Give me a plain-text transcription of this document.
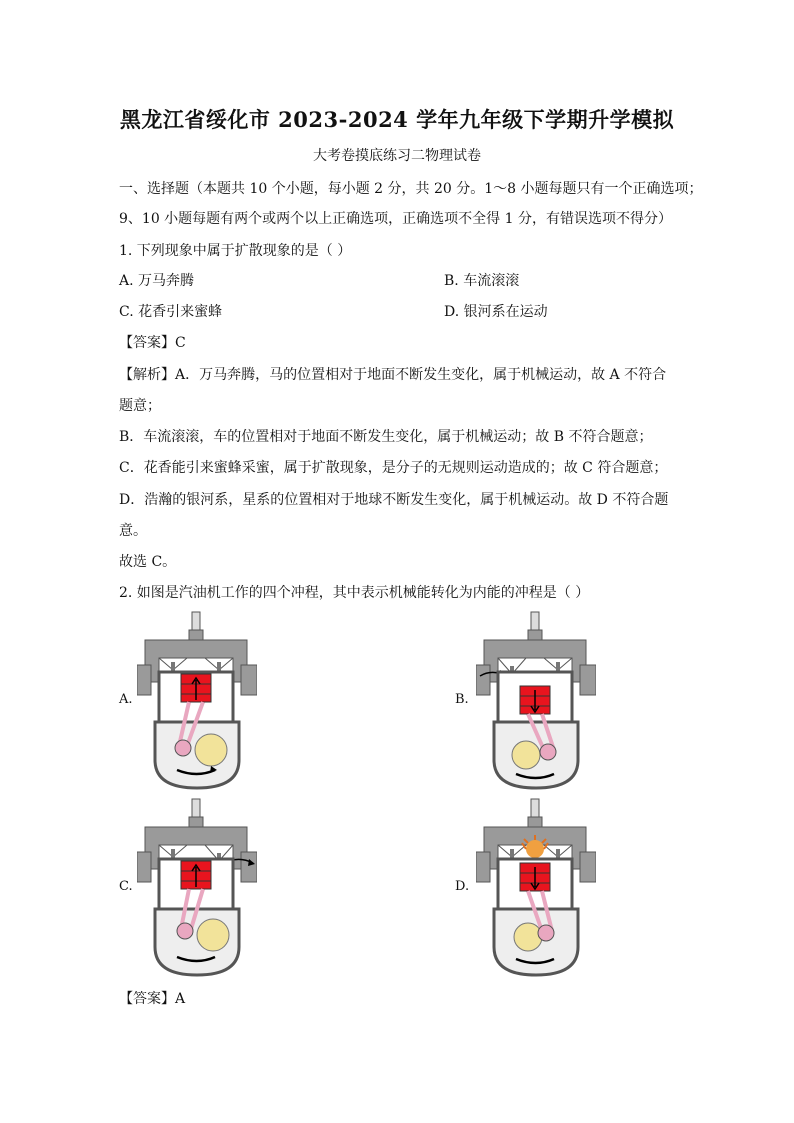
黑龙江省绥化市 2023-2024 学年九年级下学期升学模拟
大考卷摸底练习二物理试卷
一、选择题（本题共 10 个小题，每小题 2 分，共 20 分。1～8 小题每题只有一个正确选项；
9、10 小题每题有两个或两个以上正确选项，正确选项不全得 1 分，有错误选项不得分）
1. 下列现象中属于扩散现象的是（ ）
A. 万马奔腾	B. 车流滚滚
C. 花香引来蜜蜂	D. 银河系在运动
【答案】C
【解析】A．万马奔腾，马的位置相对于地面不断发生变化，属于机械运动，故 A 不符合
题意；
B．车流滚滚，车的位置相对于地面不断发生变化，属于机械运动；故 B 不符合题意；
C．花香能引来蜜蜂采蜜，属于扩散现象，是分子的无规则运动造成的；故 C 符合题意；
D．浩瀚的银河系，星系的位置相对于地球不断发生变化，属于机械运动。故 D 不符合题
意。
故选 C。
2. 如图是汽油机工作的四个冲程，其中表示机械能转化为内能的冲程是（ ）
A.	B.
C.	D.
【答案】A
